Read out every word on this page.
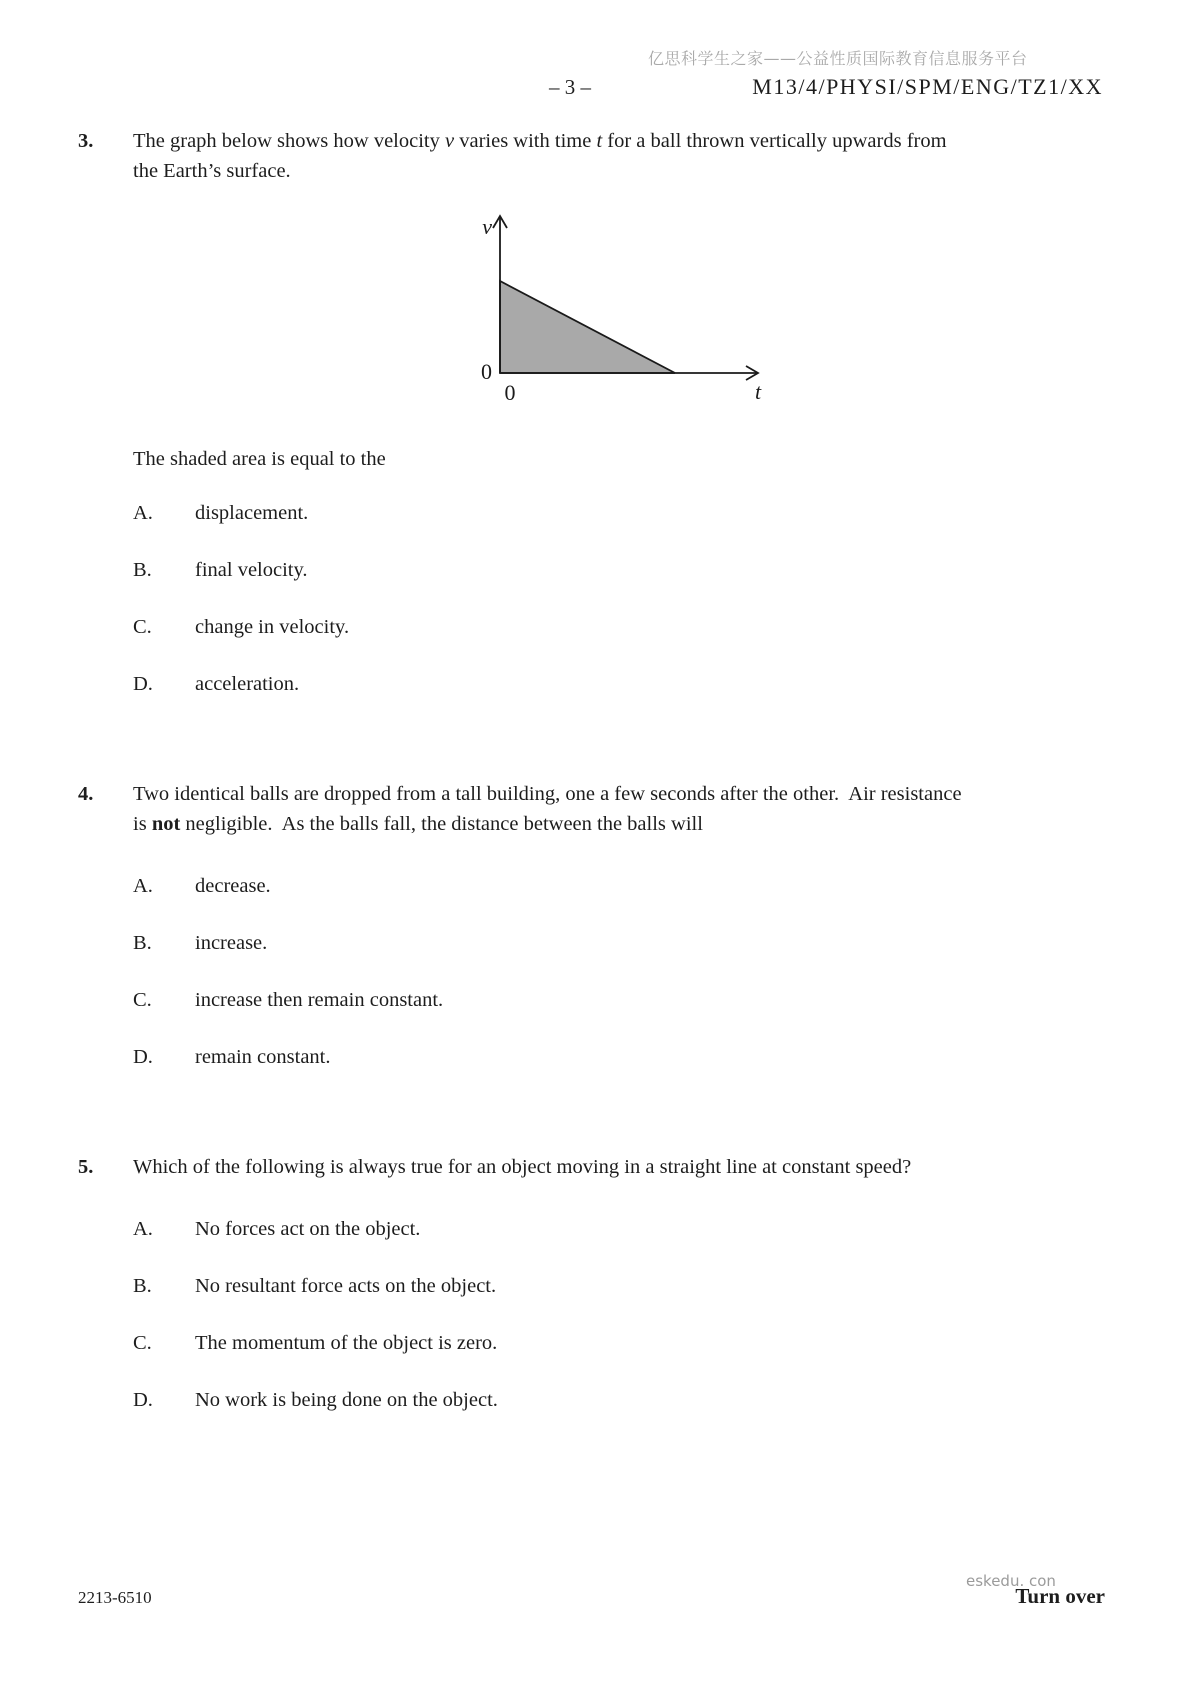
亿思科学生之家——公益性质国际教育信息服务平台
– 3 –	M13/4/PHYSI/SPM/ENG/TZ1/XX
3.	The graph below shows how velocity v varies with time t for a ball thrown vertically upwards from
the Earth’s surface.
v
0
0	t
The shaded area is equal to the
A.	displacement.
B.	final velocity.
C.	change in velocity.
D.	acceleration.
4.	Two identical balls are dropped from a tall building, one a few seconds after the other.  Air resistance
is not negligible.  As the balls fall, the distance between the balls will
A.	decrease.
B.	increase.
C.	increase then remain constant.
D.	remain constant.
5.	Which of the following is always true for an object moving in a straight line at constant speed?
A.	No forces act on the object.
B.	No resultant force acts on the object.
C.	The momentum of the object is zero.
D.	No work is being done on the object.
2213-6510
eskedu. con
Turn over
